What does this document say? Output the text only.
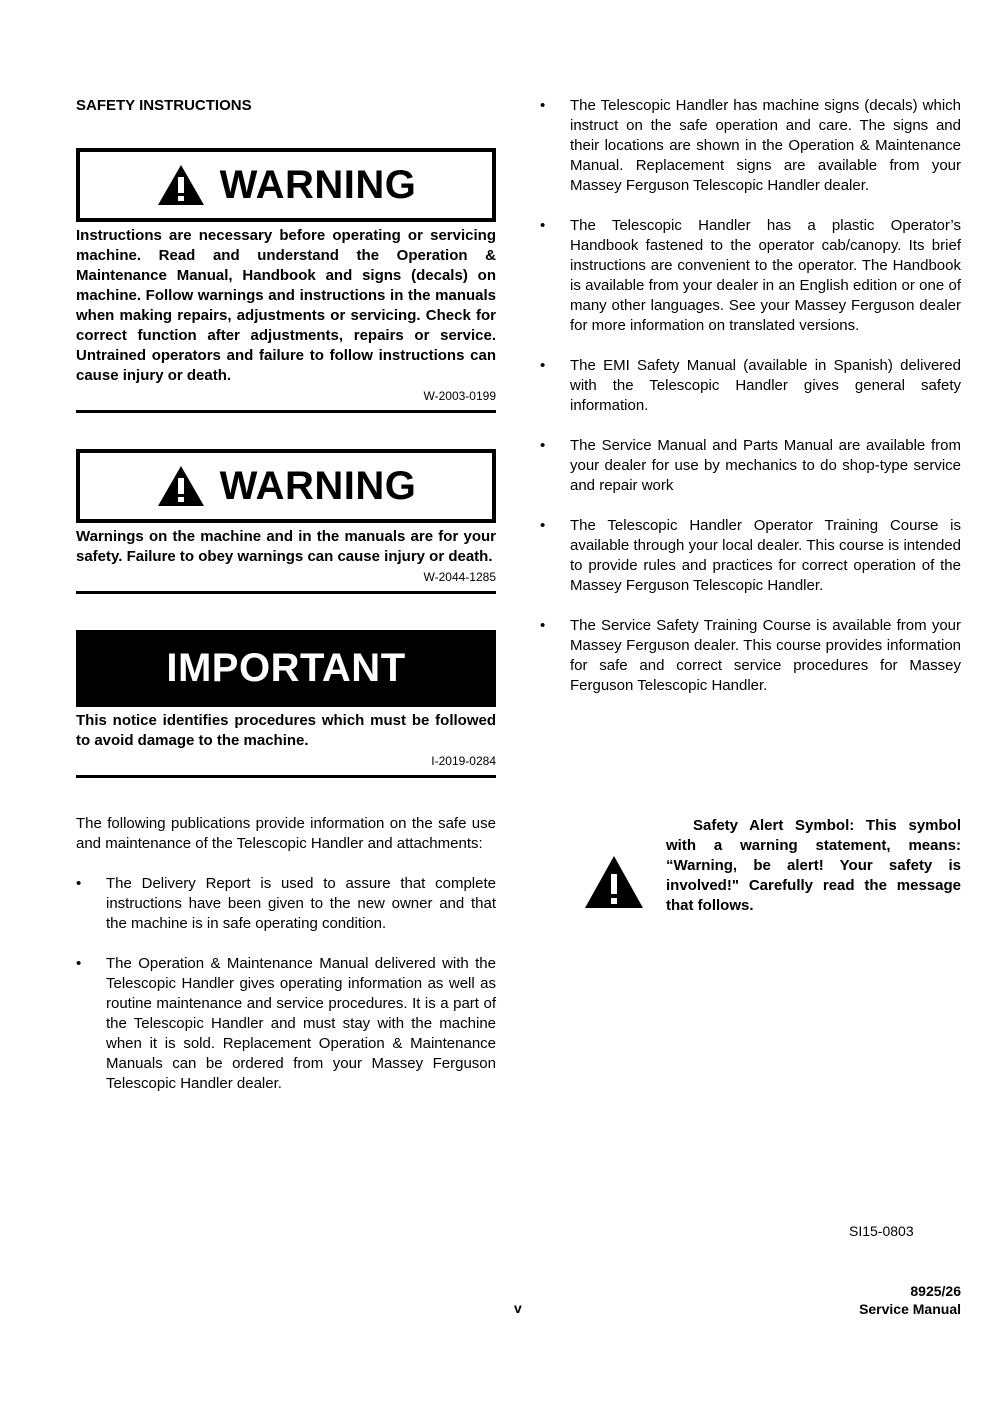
SAFETY INSTRUCTIONS
WARNING

Instructions are necessary before operating or servicing machine. Read and understand the Operation & Maintenance Manual, Handbook and signs (decals) on machine. Follow warnings and instructions in the manuals when making repairs, adjustments or servicing. Check for correct function after adjustments, repairs or service. Untrained operators and failure to follow instructions can cause injury or death.

W-2003-0199
WARNING

Warnings on the machine and in the manuals are for your safety. Failure to obey warnings can cause injury or death.

W-2044-1285
IMPORTANT

This notice identifies procedures which must be followed to avoid damage to the machine.

I-2019-0284

The following publications provide information on the safe use and maintenance of the Telescopic Handler and attachments:

•	The Delivery Report is used to assure that complete instructions have been given to the new owner and that the machine is in safe operating condition.
•	The Operation & Maintenance Manual delivered with the Telescopic Handler gives operating information as well as routine maintenance and service procedures. It is a part of the Telescopic Handler and must stay with the machine when it is sold. Replacement Operation & Maintenance Manuals can be ordered from your Massey Ferguson Telescopic Handler dealer.
•	The Telescopic Handler has machine signs (decals) which instruct on the safe operation and care. The signs and their locations are shown in the Operation & Maintenance Manual. Replacement signs are available from your Massey Ferguson Telescopic Handler dealer.
•	The Telescopic Handler has a plastic Operator’s Handbook fastened to the operator cab/canopy. Its brief instructions are convenient to the operator. The Handbook is available from your dealer in an English edition or one of many other languages. See your Massey Ferguson dealer for more information on translated versions.
•	The EMI Safety Manual (available in Spanish) delivered with the Telescopic Handler gives general safety information.
•	The Service Manual and Parts Manual are available from your dealer for use by mechanics to do shop-type service and repair work
•	The Telescopic Handler Operator Training Course is available through your local dealer. This course is intended to provide rules and practices for correct operation of the Massey Ferguson Telescopic Handler.
•	The Service Safety Training Course is available from your Massey Ferguson dealer. This course provides information for safe and correct service procedures for Massey Ferguson Telescopic Handler.
Safety Alert Symbol: This symbol with a warning statement, means: “Warning, be alert! Your safety is involved!" Carefully read the message that follows.
SI15-0803
v
8925/26
Service Manual
